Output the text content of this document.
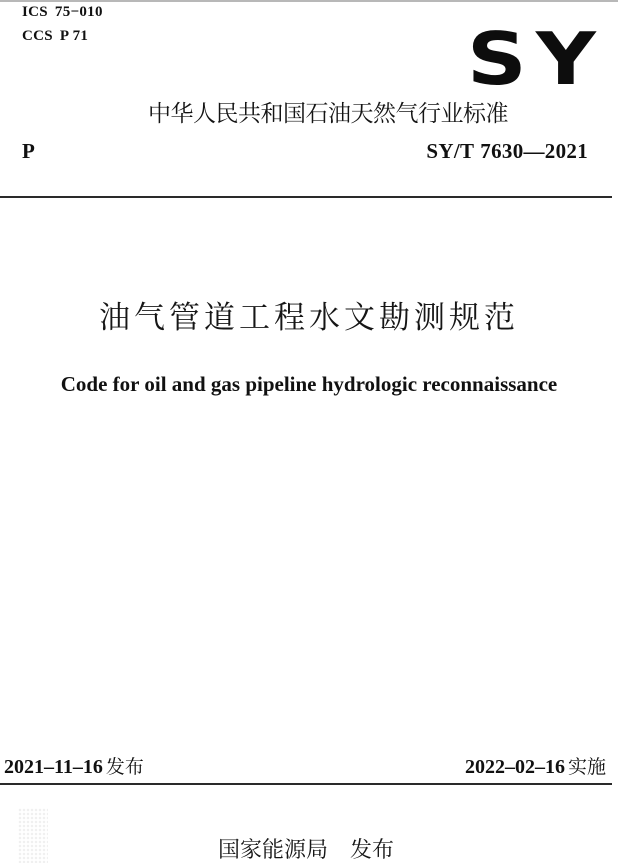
ICS 75−010
CCS P 71	SY
中华人民共和国石油天然气行业标准
P	SY/T 7630—2021
油气管道工程水文勘测规范
Code for oil and gas pipeline hydrologic reconnaissance
2021‒11‒16 发布	2022‒02‒16 实施
国家能源局 发布
